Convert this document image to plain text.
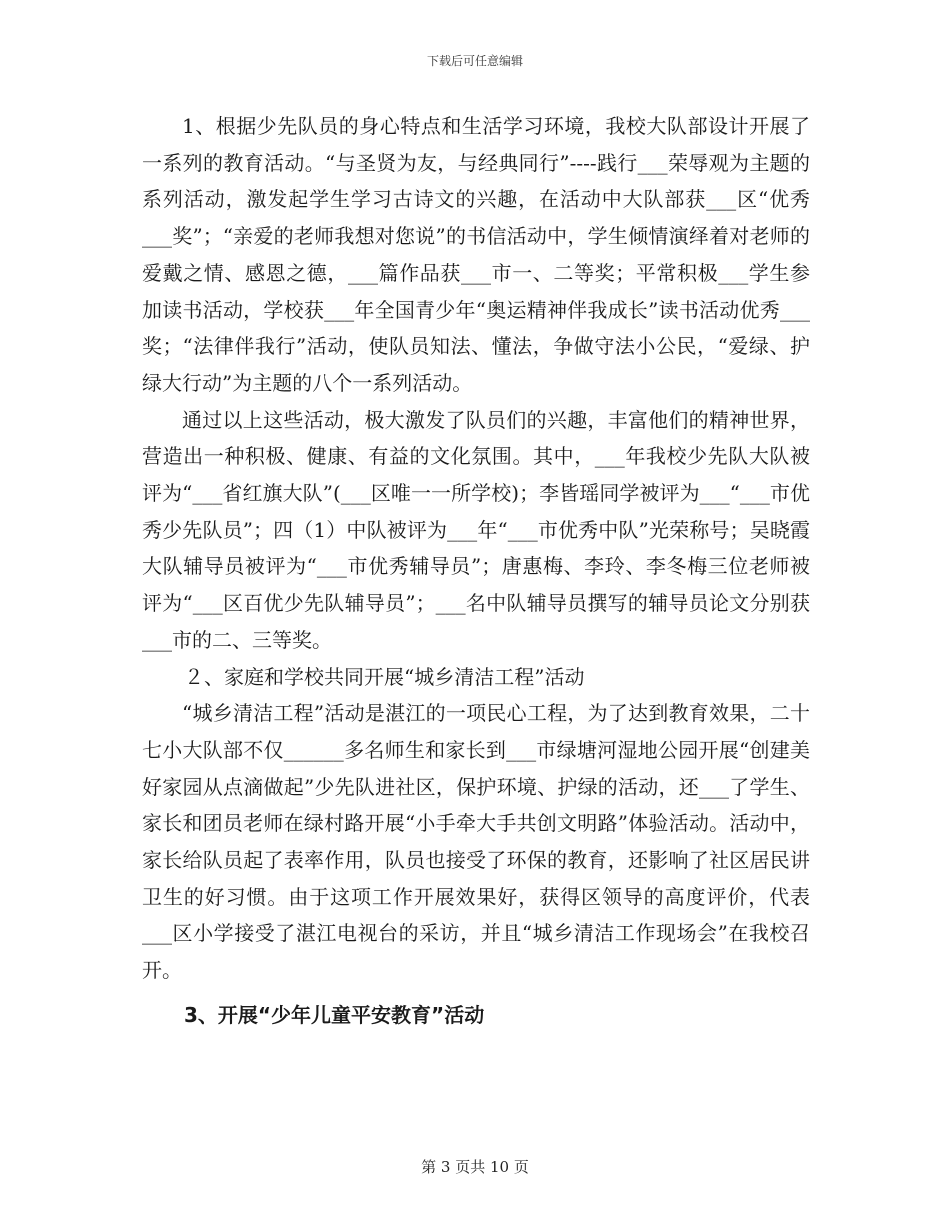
下载后可任意编辑

1、根据少先队员的身心特点和生活学习环境，我校大队部设计开展了一系列的教育活动。“与圣贤为友，与经典同行”----践行___荣辱观为主题的系列活动，激发起学生学习古诗文的兴趣，在活动中大队部获___区“优秀___奖”；“亲爱的老师我想对您说”的书信活动中，学生倾情演绎着对老师的爱戴之情、感恩之德，___篇作品获___市一、二等奖；平常积极___学生参加读书活动，学校获___年全国青少年“奥运精神伴我成长”读书活动优秀___奖；“法律伴我行”活动，使队员知法、懂法，争做守法小公民，“爱绿、护绿大行动”为主题的八个一系列活动。

通过以上这些活动，极大激发了队员们的兴趣，丰富他们的精神世界，营造出一种积极、健康、有益的文化氛围。其中，___年我校少先队大队被评为“___省红旗大队”(___区唯一一所学校)；李皆瑶同学被评为___“___市优秀少先队员”；四（1）中队被评为___年“___市优秀中队”光荣称号；吴晓霞大队辅导员被评为“___市优秀辅导员”；唐惠梅、李玲、李冬梅三位老师被评为“___区百优少先队辅导员”；___名中队辅导员撰写的辅导员论文分别获___市的二、三等奖。

２、家庭和学校共同开展“城乡清洁工程”活动

“城乡清洁工程”活动是湛江的一项民心工程，为了达到教育效果，二十七小大队部不仅______多名师生和家长到___市绿塘河湿地公园开展“创建美好家园从点滴做起”少先队进社区，保护环境、护绿的活动，还___了学生、家长和团员老师在绿村路开展“小手牵大手共创文明路”体验活动。活动中，家长给队员起了表率作用，队员也接受了环保的教育，还影响了社区居民讲卫生的好习惯。由于这项工作开展效果好，获得区领导的高度评价，代表___区小学接受了湛江电视台的采访，并且“城乡清洁工作现场会”在我校召开。

3、开展“少年儿童平安教育”活动

第 3 页共 10 页
